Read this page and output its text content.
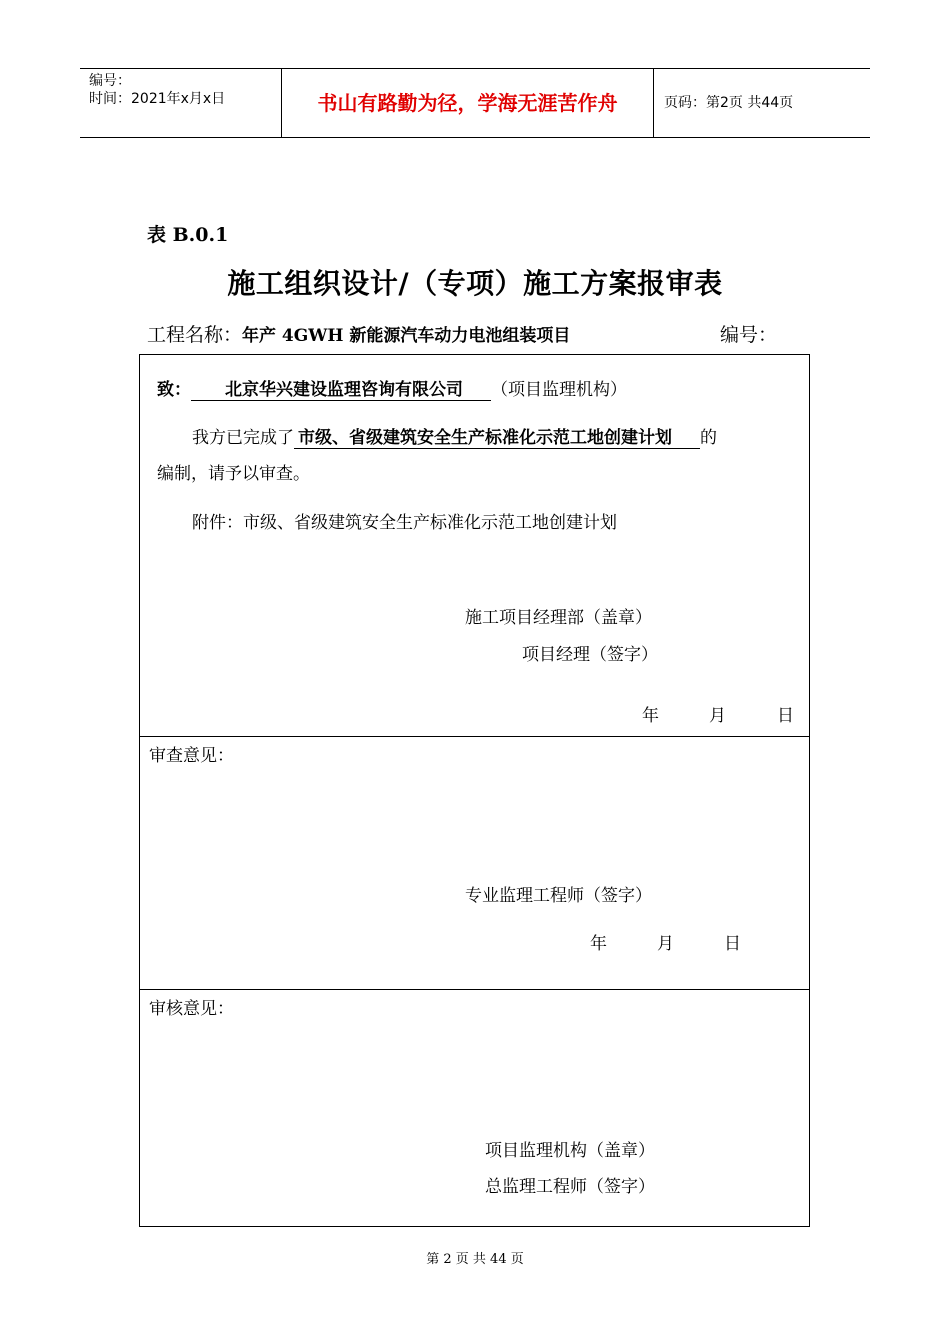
编号：
时间：2021年x月x日	书山有路勤为径，学海无涯苦作舟	页码：第2页 共44页
表 B.0.1
施工组织设计/（专项）施工方案报审表
工程名称：年产 4GWH 新能源汽车动力电池组装项目	编号：
致： 北京华兴建设监理咨询有限公司 （项目监理机构）
我方已完成了 市级、省级建筑安全生产标准化示范工地创建计划 的
编制，请予以审查。
附件：市级、省级建筑安全生产标准化示范工地创建计划
施工项目经理部（盖章）
项目经理（签字）
年	月	日
审查意见：
专业监理工程师（签字）
年	月	日
审核意见：
项目监理机构（盖章）
总监理工程师（签字）
第 2 页 共 44 页
